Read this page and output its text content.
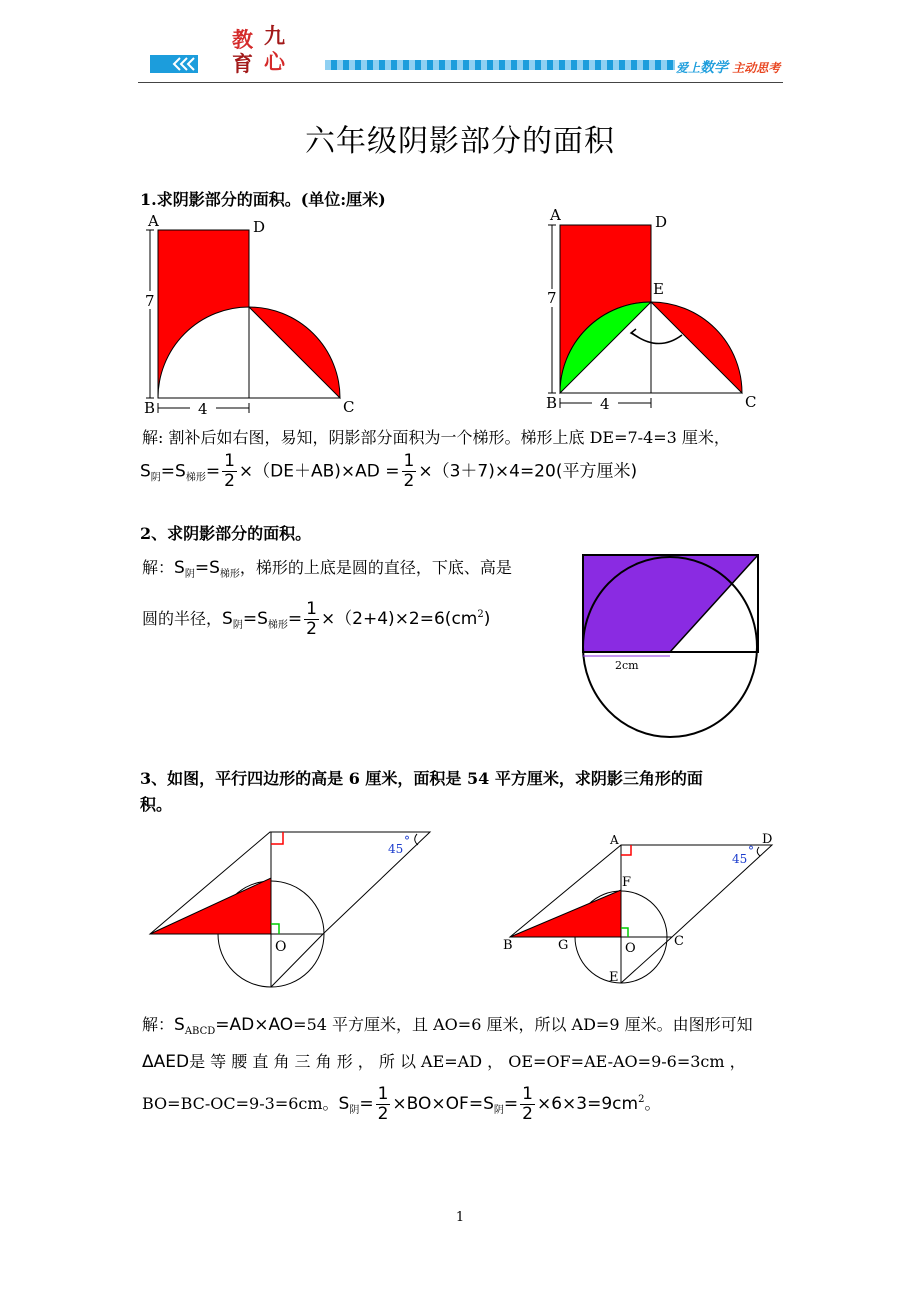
教 九
育 心	爱上数学 主动思考
六年级阴影部分的面积
1.求阴影部分的面积。(单位:厘米)
A	D
B	C
7
4
A	D
E
B	C
7
4
解: 割补后如右图，易知，阴影部分面积为一个梯形。梯形上底 DE=7-4=3 厘米，
$S_阴=S_{梯形}= \frac{1}{2} \times(DE+AB)\times AD = \frac{1}{2} \times(3+7)\times 4=20$(平方厘米)
2、求阴影部分的面积。
解：$S_阴=S_{梯形}$，梯形的上底是圆的直径，下底、高是
圆的半径，$S_阴=S_{梯形}= \frac{1}{2} \times(2+4)\times 2=6(cm^2)$
2cm
3、如图，平行四边形的高是 6 厘米，面积是 54 平方厘米，求阴影三角形的面
积。
45
°
O
A	D
F
B	G	O	C
E
45
°
解：$S_{ABCD}=AD\times AO=54$ 平方厘米，且 AO=6 厘米，所以 AD=9 厘米。由图形可知
ΔAED是 等 腰 直 角 三 角 形 ， 所 以 AE=AD ， OE=OF=AE-AO=9-6=3cm ，
BO=BC-OC=9-3=6cm。$S_阴= \frac{1}{2} \times BO\times OF=S_阴= \frac{1}{2} \times 6\times 3=9cm^2$。
1
